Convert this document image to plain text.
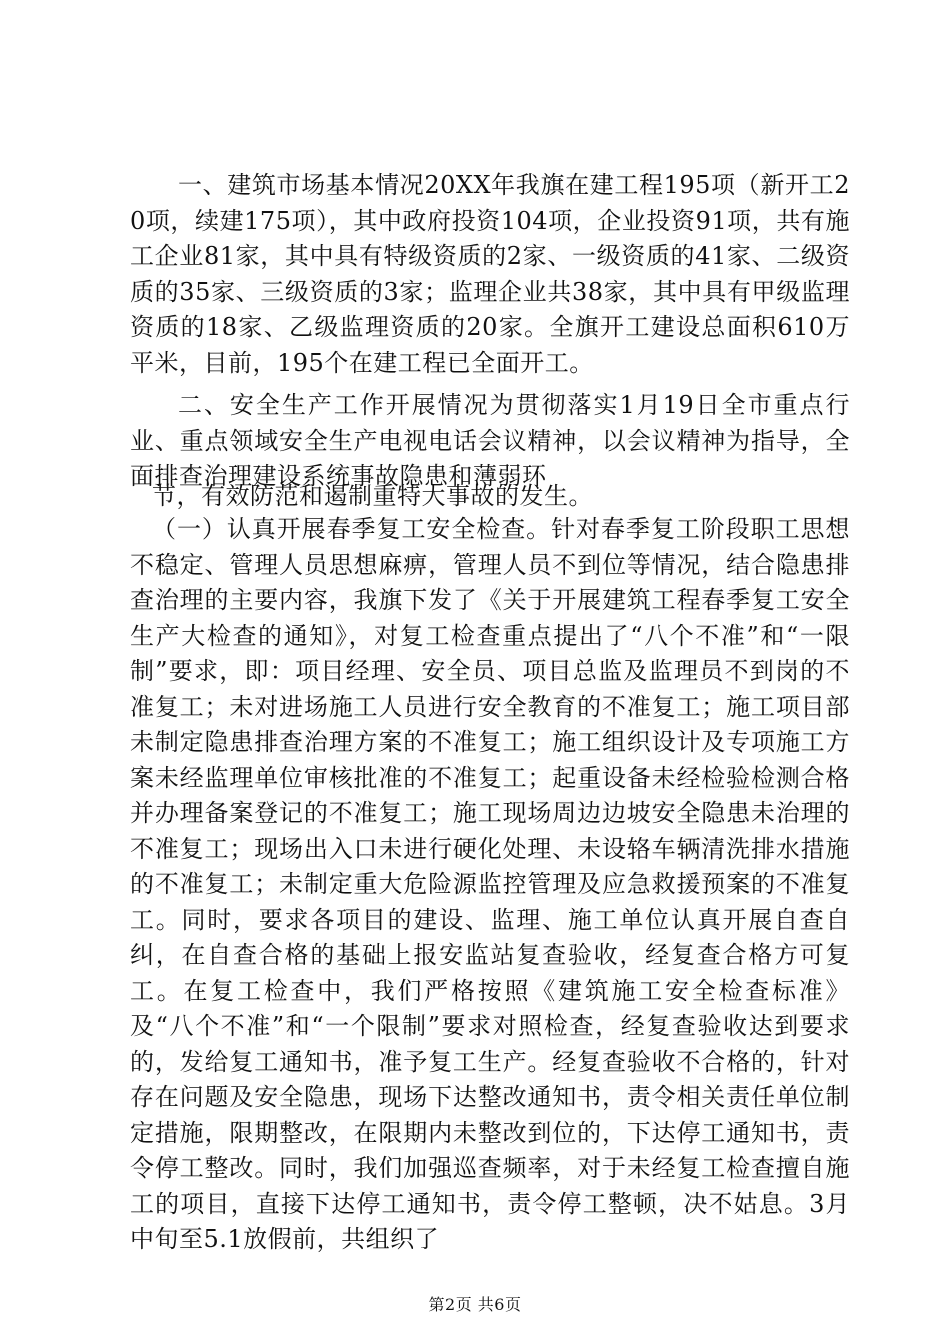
一、建筑市场基本情况20XX年我旗在建工程195项（新开工20项，续建175项），其中政府投资104项，企业投资91项，共有施工企业81家，其中具有特级资质的2家、一级资质的41家、二级资质的35家、三级资质的3家；监理企业共38家，其中具有甲级监理资质的18家、乙级监理资质的20家。全旗开工建设总面积610万平米，目前，195个在建工程已全面开工。

二、安全生产工作开展情况为贯彻落实1月19日全市重点行业、重点领域安全生产电视电话会议精神，以会议精神为指导，全面排查治理建设系统事故隐患和薄弱环

节，有效防范和遏制重特大事故的发生。

（一）认真开展春季复工安全检查。针对春季复工阶段职工思想不稳定、管理人员思想麻痹，管理人员不到位等情况，结合隐患排查治理的主要内容，我旗下发了《关于开展建筑工程春季复工安全生产大检查的通知》，对复工检查重点提出了“八个不准”和“一限制”要求，即：项目经理、安全员、项目总监及监理员不到岗的不准复工；未对进场施工人员进行安全教育的不准复工；施工项目部未制定隐患排查治理方案的不准复工；施工组织设计及专项施工方案未经监理单位审核批准的不准复工；起重设备未经检验检测合格并办理备案登记的不准复工；施工现场周边边坡安全隐患未治理的不准复工；现场出入口未进行硬化处理、未设辂车辆清洗排水措施的不准复工；未制定重大危险源监控管理及应急救援预案的不准复工。同时，要求各项目的建设、监理、施工单位认真开展自查自纠，在自查合格的基础上报安监站复查验收，经复查合格方可复工。在复工检查中，我们严格按照《建筑施工安全检查标准》及“八个不准”和“一个限制”要求对照检查，经复查验收达到要求的，发给复工通知书，准予复工生产。经复查验收不合格的，针对存在问题及安全隐患，现场下达整改通知书，责令相关责任单位制定措施，限期整改，在限期内未整改到位的，下达停工通知书，责令停工整改。同时，我们加强巡查频率，对于未经复工检查擅自施工的项目，直接下达停工通知书，责令停工整顿，决不姑息。3月中旬至5.1放假前，共组织了

第2页 共6页
